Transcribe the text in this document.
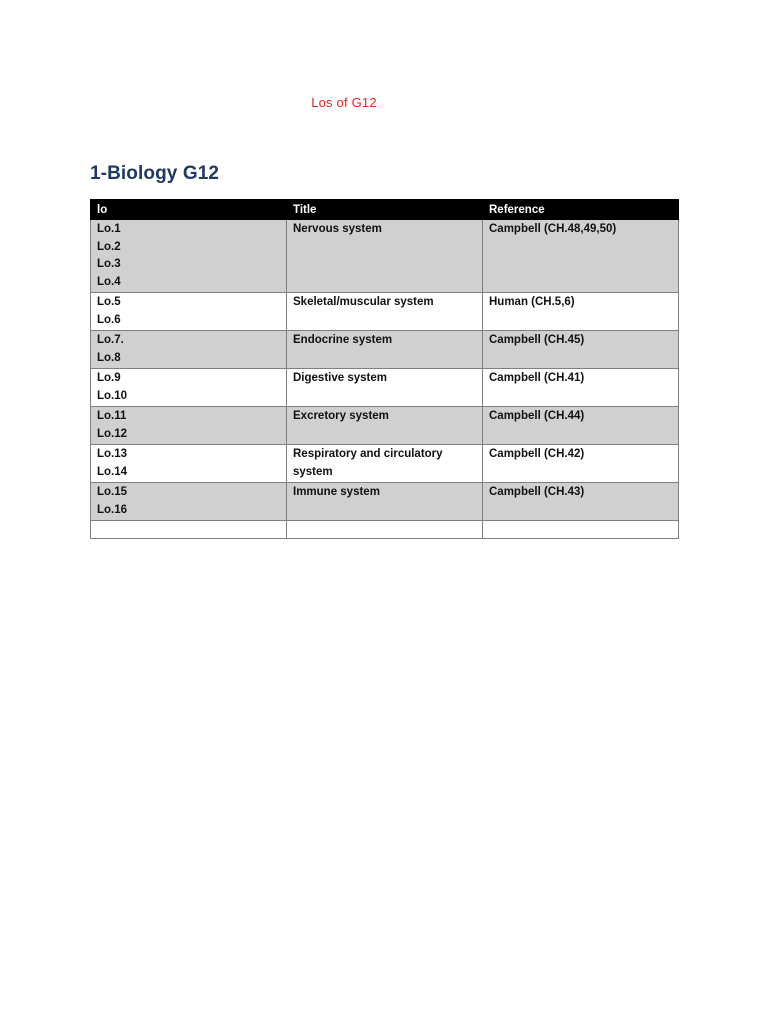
Los of G12
1-Biology G12
lo	Title	Reference

Lo.1
Lo.2
Lo.3
Lo.4	Nervous system	Campbell (CH.48,49,50)

Lo.5
Lo.6	Skeletal/muscular system	Human (CH.5,6)

Lo.7.
Lo.8	Endocrine system	Campbell (CH.45)

Lo.9
Lo.10	Digestive system	Campbell (CH.41)

Lo.11
Lo.12	Excretory system	Campbell (CH.44)

Lo.13
Lo.14	Respiratory and circulatory system	Campbell (CH.42)

Lo.15
Lo.16	Immune system	Campbell (CH.43)
